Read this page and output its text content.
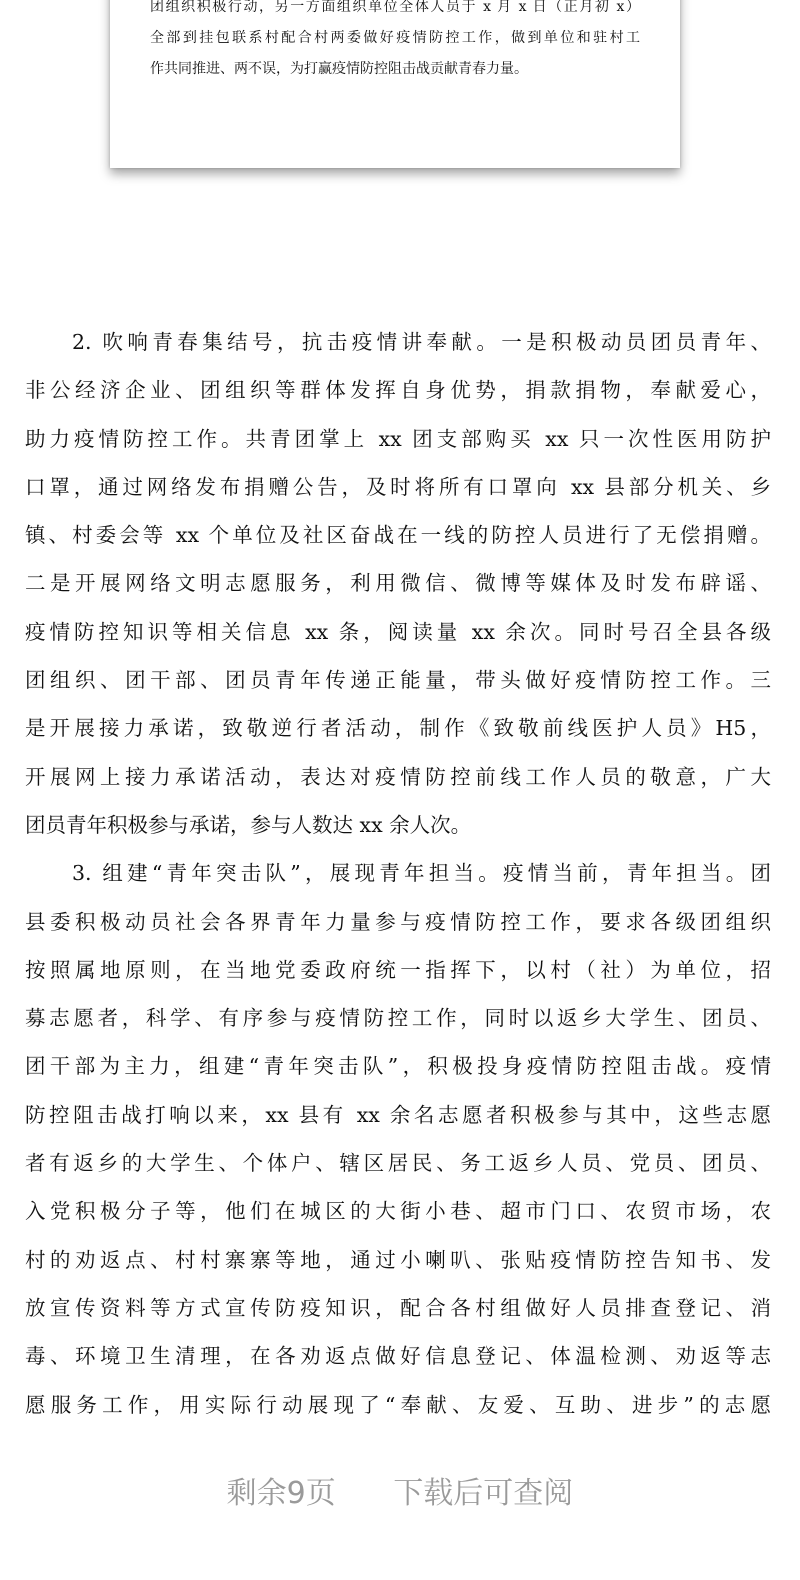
团组织积极行动，另一方面组织单位全体人员于 x 月 x 日（正月初 x）
全部到挂包联系村配合村两委做好疫情防控工作，做到单位和驻村工
作共同推进、两不误，为打赢疫情防控阻击战贡献青春力量。
2. 吹响青春集结号，抗击疫情讲奉献。一是积极动员团员青年、
非公经济企业、团组织等群体发挥自身优势，捐款捐物，奉献爱心，
助力疫情防控工作。共青团掌上 xx 团支部购买 xx 只一次性医用防护
口罩，通过网络发布捐赠公告，及时将所有口罩向 xx 县部分机关、乡
镇、村委会等 xx 个单位及社区奋战在一线的防控人员进行了无偿捐赠。
二是开展网络文明志愿服务，利用微信、微博等媒体及时发布辟谣、
疫情防控知识等相关信息 xx 条，阅读量 xx 余次。同时号召全县各级
团组织、团干部、团员青年传递正能量，带头做好疫情防控工作。三
是开展接力承诺，致敬逆行者活动，制作《致敬前线医护人员》H5，
开展网上接力承诺活动，表达对疫情防控前线工作人员的敬意，广大
团员青年积极参与承诺，参与人数达 xx 余人次。
3. 组建“青年突击队”，展现青年担当。疫情当前，青年担当。团
县委积极动员社会各界青年力量参与疫情防控工作，要求各级团组织
按照属地原则，在当地党委政府统一指挥下，以村（社）为单位，招
募志愿者，科学、有序参与疫情防控工作，同时以返乡大学生、团员、
团干部为主力，组建“青年突击队”，积极投身疫情防控阻击战。疫情
防控阻击战打响以来，xx 县有 xx 余名志愿者积极参与其中，这些志愿
者有返乡的大学生、个体户、辖区居民、务工返乡人员、党员、团员、
入党积极分子等，他们在城区的大街小巷、超市门口、农贸市场，农
村的劝返点、村村寨寨等地，通过小喇叭、张贴疫情防控告知书、发
放宣传资料等方式宣传防疫知识，配合各村组做好人员排查登记、消
毒、环境卫生清理，在各劝返点做好信息登记、体温检测、劝返等志
愿服务工作，用实际行动展现了“奉献、友爱、互助、进步”的志愿
剩余9页 下载后可查阅
